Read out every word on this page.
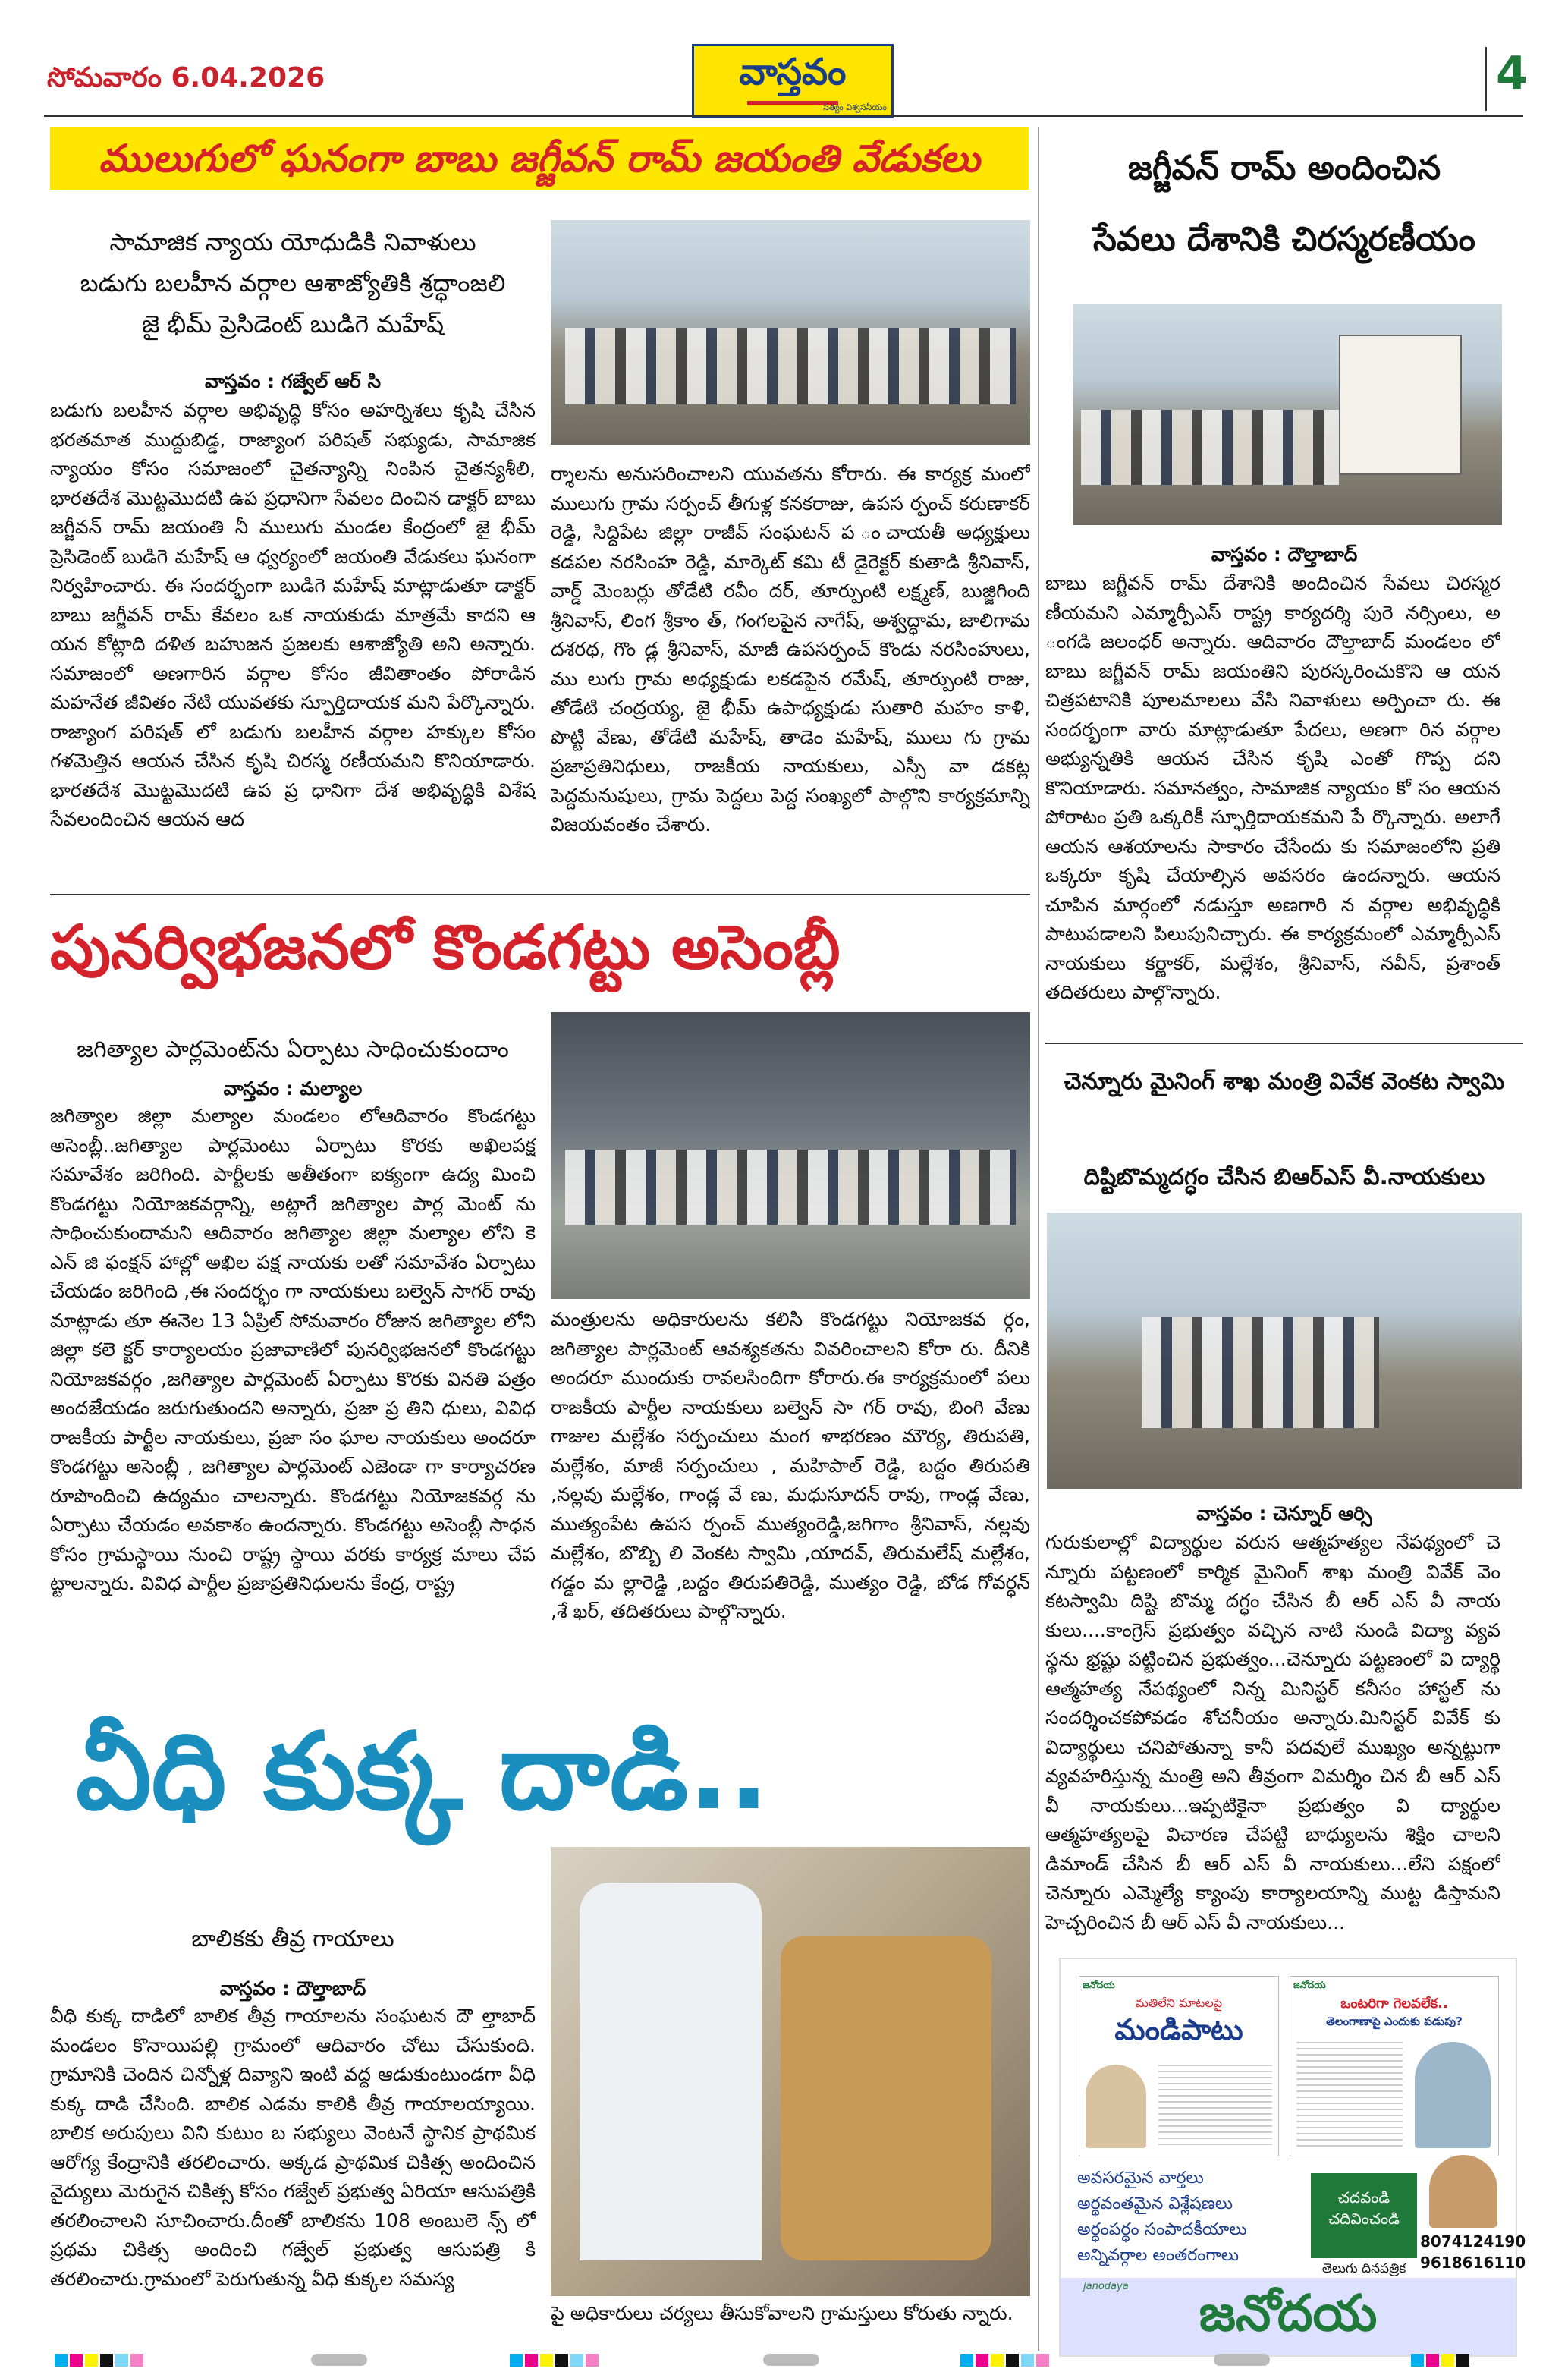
సోమవారం 6.04.2026	వాస్తవం
సత్యం విశ్వసనీయం
4
ములుగులో ఘనంగా బాబు జగ్జీవన్ రామ్ జయంతి వేడుకలు
సామాజిక న్యాయ యోధుడికి నివాళులు
బడుగు బలహీన వర్గాల ఆశాజ్యోతికి శ్రద్ధాంజలి
జై భీమ్ ప్రెసిడెంట్ బుడిగె మహేష్
వాస్తవం : గజ్వేల్ ఆర్ సి

బడుగు బలహీన వర్గాల అభివృద్ధి కోసం అహర్నిశలు కృషి చేసిన భరతమాత ముద్దుబిడ్డ, రాజ్యాంగ పరిషత్ సభ్యుడు, సామాజిక న్యాయం కోసం సమాజంలో చైతన్యాన్ని నింపిన చైతన్యశీలి, భారతదేశ మొట్టమొదటి ఉప ప్రధానిగా సేవలం దించిన డాక్టర్ బాబు జగ్జీవన్ రామ్ జయంతి నీ ములుగు మండల కేంద్రంలో జై భీమ్ ప్రెసిడెంట్ బుడిగె మహేష్ ఆ ధ్వర్యంలో జయంతి వేడుకలు ఘనంగా నిర్వహించారు. ఈ సందర్భంగా బుడిగె మహేష్ మాట్లాడుతూ డాక్టర్ బాబు జగ్జీవన్ రామ్ కేవలం ఒక నాయకుడు మాత్రమే కాదని ఆ యన కోట్లాది దళిత బహుజన ప్రజలకు ఆశాజ్యోతి అని అన్నారు. సమాజంలో అణగారిన వర్గాల కోసం జీవితాంతం పోరాడిన మహనేత జీవితం నేటి యువతకు స్ఫూర్తిదాయక మని పేర్కొన్నారు. రాజ్యాంగ పరిషత్ లో బడుగు బలహీన వర్గాల హక్కుల కోసం గళమెత్తిన ఆయన చేసిన కృషి చిరస్మ రణీయమని కొనియాడారు. భారతదేశ మొట్టమొదటి ఉప ప్ర ధానిగా దేశ అభివృద్ధికి విశేష సేవలందించిన ఆయన ఆద

ర్శాలను అనుసరించాలని యువతను కోరారు. ఈ కార్యక్ర మంలో ములుగు గ్రామ సర్పంచ్ తీగుళ్ల కనకరాజు, ఉపస ర్పంచ్ కరుణాకర్ రెడ్డి, సిద్దిపేట జిల్లా రాజీవ్ సంఘటన్ ప ంచాయతీ అధ్యక్షులు కడపల నరసింహ రెడ్డి, మార్కెట్ కమి టీ డైరెక్టర్ కుతాడి శ్రీనివాస్, వార్డ్ మెంబర్లు తోడేటి రవీం దర్, తూర్పుంటి లక్ష్మణ్, బుజ్జిగింది శ్రీనివాస్, లింగ శ్రీకాం త్, గంగలపైన నాగేష్, అశ్వద్ధామ, జాలిగామ దశరథ, గొం డ్ల శ్రీనివాస్, మాజీ ఉపసర్పంచ్ కొండు నరసింహులు, ము లుగు గ్రామ అధ్యక్షుడు లకడపైన రమేష్, తూర్పుంటి రాజు, తోడేటి చంద్రయ్య, జై భీమ్ ఉపాధ్యక్షుడు సుతారి మహం కాళి, పొట్టి వేణు, తోడేటి మహేష్, తాడెం మహేష్, ములు గు గ్రామ ప్రజాప్రతినిధులు, రాజకీయ నాయకులు, ఎస్సీ వా డకట్ల పెద్దమనుషులు, గ్రామ పెద్దలు పెద్ద సంఖ్యలో పాల్గొని కార్యక్రమాన్ని విజయవంతం చేశారు.

జగ్జీవన్ రామ్ అందించిన
సేవలు దేశానికి చిరస్మరణీయం
వాస్తవం : దౌల్తాబాద్

బాబు జగ్జీవన్ రామ్ దేశానికి అందించిన సేవలు చిరస్మర ణీయమని ఎమ్మార్పీఎస్ రాష్ట్ర కార్యదర్శి పురె నర్సింలు, అ ంగడి జలంధర్ అన్నారు. ఆదివారం దౌల్తాబాద్ మండలం లో బాబు జగ్జీవన్ రామ్ జయంతిని పురస్కరించుకొని ఆ యన చిత్రపటానికి పూలమాలలు వేసి నివాళులు అర్పించా రు. ఈ సందర్భంగా వారు మాట్లాడుతూ పేదలు, అణగా రిన వర్గాల అభ్యున్నతికి ఆయన చేసిన కృషి ఎంతో గొప్ప దని కొనియాడారు. సమానత్వం, సామాజిక న్యాయం కో సం ఆయన పోరాటం ప్రతి ఒక్కరికీ స్ఫూర్తిదాయకమని పే ర్కొన్నారు. అలాగే ఆయన ఆశయాలను సాకారం చేసేందు కు సమాజంలోని ప్రతి ఒక్కరూ కృషి చేయాల్సిన అవసరం ఉందన్నారు. ఆయన చూపిన మార్గంలో నడుస్తూ అణగారి న వర్గాల అభివృద్ధికి పాటుపడాలని పిలుపునిచ్చారు. ఈ కార్యక్రమంలో ఎమ్మార్పీఎస్ నాయకులు కర్ణాకర్, మల్లేశం, శ్రీనివాస్, నవీన్, ప్రశాంత్ తదితరులు పాల్గొన్నారు.

చెన్నూరు మైనింగ్ శాఖ మంత్రి వివేక వెంకట స్వామి
దిష్టిబొమ్మదగ్ధం చేసిన బిఆర్ఎస్ వీ.నాయకులు
వాస్తవం : చెన్నూర్ ఆర్సి

గురుకులాల్లో విద్యార్థుల వరుస ఆత్మహత్యల నేపథ్యంలో చె న్నూరు పట్టణంలో కార్మిక మైనింగ్ శాఖ మంత్రి వివేక్ వెం కటస్వామి దిష్టి బొమ్మ దగ్ధం చేసిన బీ ఆర్ ఎస్ వీ నాయ కులు....కాంగ్రెస్ ప్రభుత్వం వచ్చిన నాటి నుండి విద్యా వ్యవ స్థను భ్రష్టు పట్టించిన ప్రభుత్వం...చెన్నూరు పట్టణంలో వి ద్యార్థి ఆత్మహత్య నేపథ్యంలో నిన్న మినిస్టర్ కనీసం హాస్టల్ ను సందర్శించకపోవడం శోచనీయం అన్నారు.మినిస్టర్ వివేక్ కు విద్యార్థులు చనిపోతున్నా కానీ పదవులే ముఖ్యం అన్నట్టుగా వ్యవహరిస్తున్న మంత్రి అని తీవ్రంగా విమర్శిం చిన బీ ఆర్ ఎస్ వీ నాయకులు...ఇప్పటికైనా ప్రభుత్వం వి ద్యార్థుల ఆత్మహత్యలపై విచారణ చేపట్టి బాధ్యులను శిక్షిం చాలని డిమాండ్ చేసిన బీ ఆర్ ఎస్ వీ నాయకులు...లేని పక్షంలో చెన్నూరు ఎమ్మెల్యే క్యాంపు కార్యాలయాన్ని ముట్ట డిస్తామని హెచ్చరించిన బీ ఆర్ ఎస్ వీ నాయకులు...

పునర్విభజనలో కొండగట్టు అసెంబ్లీ
జగిత్యాల పార్లమెంట్‌ను ఏర్పాటు సాధించుకుందాం
వాస్తవం : మల్యాల

జగిత్యాల జిల్లా మల్యాల మండలం లోఆదివారం కొండగట్టు అసెంబ్లీ..జగిత్యాల పార్లమెంటు ఏర్పాటు కొరకు అఖిలపక్ష సమావేశం జరిగింది. పార్టీలకు అతీతంగా ఐక్యంగా ఉద్య మించి కొండగట్టు నియోజకవర్గాన్ని, అట్లాగే జగిత్యాల పార్ల మెంట్ ను సాధించుకుందామని ఆదివారం జగిత్యాల జిల్లా మల్యాల లోని కె ఎన్ జి ఫంక్షన్ హాల్లో అఖిల పక్ష నాయకు లతో సమావేశం ఏర్పాటు చేయడం జరిగింది ,ఈ సందర్భం గా నాయకులు బల్వెన్ సాగర్ రావు మాట్లాడు తూ ఈనెల 13 ఏప్రిల్ సోమవారం రోజున జగిత్యాల లోని జిల్లా కలె క్టర్ కార్యాలయం ప్రజావాణిలో పునర్విభజనలో కొండగట్టు నియోజకవర్గం ,జగిత్యాల పార్లమెంట్ ఏర్పాటు కొరకు వినతి పత్రం అందజేయడం జరుగుతుందని అన్నారు, ప్రజా ప్ర తిని ధులు, వివిధ రాజకీయ పార్టీల నాయకులు, ప్రజా సం ఘాల నాయకులు అందరూ కొండగట్టు అసెంబ్లీ , జగిత్యాల పార్లమెంట్ ఎజెండా గా కార్యాచరణ రూపొందించి ఉద్యమం చాలన్నారు. కొండగట్టు నియోజకవర్గ ను ఏర్పాటు చేయడం అవకాశం ఉందన్నారు. కొండగట్టు అసెంబ్లీ సాధన కోసం గ్రామస్థాయి నుంచి రాష్ట్ర స్థాయి వరకు కార్యక్ర మాలు చేప ట్టాలన్నారు. వివిధ పార్టీల ప్రజాప్రతినిధులను కేంద్ర, రాష్ట్ర

మంత్రులను అధికారులను కలిసి కొండగట్టు నియోజకవ ర్గం, జగిత్యాల పార్లమెంట్ ఆవశ్యకతను వివరించాలని కోరా రు. దీనికి అందరూ ముందుకు రావలసిందిగా కోరారు.ఈ కార్యక్రమంలో పలు రాజకీయ పార్టీల నాయకులు బల్వెన్ సా గర్ రావు, బింగి వేణు గాజుల మల్లేశం సర్పంచులు మంగ ళాభరణం మౌర్య, తిరుపతి, మల్లేశం, మాజీ సర్పంచులు , మహిపాల్ రెడ్డి, బద్దం తిరుపతి ,నల్లవు మల్లేశం, గాండ్ల వే ణు, మధుసూదన్ రావు, గాండ్ల వేణు, ముత్యంపేట ఉపస ర్పంచ్ ముత్యంరెడ్డి,జగిగాం శ్రీనివాస్, నల్లవు మల్లేశం, బొబ్బి లి వెంకట స్వామి ,యాదవ్, తిరుమలేష్ మల్లేశం, గడ్డం మ ల్లారెడ్డి ,బద్దం తిరుపతిరెడ్డి, ముత్యం రెడ్డి, బోడ గోవర్ధన్ ,శే ఖర్, తదితరులు పాల్గొన్నారు.

వీధి కుక్క దాడి..
బాలికకు తీవ్ర గాయాలు
వాస్తవం : దౌల్తాబాద్

వీధి కుక్క దాడిలో బాలిక తీవ్ర గాయాలను సంఘటన దౌ ల్తాబాద్ మండలం కొనాయిపల్లి గ్రామంలో ఆదివారం చోటు చేసుకుంది. గ్రామానికి చెందిన చిన్నోళ్ల దివ్యాని ఇంటి వద్ద ఆడుకుంటుండగా వీధి కుక్క దాడి చేసింది. బాలిక ఎడమ కాలికి తీవ్ర గాయాలయ్యాయి. బాలిక అరుపులు విని కుటుం బ సభ్యులు వెంటనే స్థానిక ప్రాథమిక ఆరోగ్య కేంద్రానికి తరలించారు. అక్కడ ప్రాథమిక చికిత్స అందించిన వైద్యులు మెరుగైన చికిత్స కోసం గజ్వేల్ ప్రభుత్వ ఏరియా ఆసుపత్రికి తరలించాలని సూచించారు.దీంతో బాలికను 108 అంబులె న్స్ లో ప్రథమ చికిత్స అందించి గజ్వేల్ ప్రభుత్వ ఆసుపత్రి కి తరలించారు.గ్రామంలో పెరుగుతున్న వీధి కుక్కల సమస్య

పై అధికారులు చర్యలు తీసుకోవాలని గ్రామస్తులు కోరుతు న్నారు.

జనోదయ
మతిలేని మాటలపై
మండిపాటు
జనోదయ
ఒంటరిగా గెలవలేక..
తెలంగాణాపై ఎందుకు పడుపు?
అవసరమైన వార్తలు
అర్థవంతమైన విశ్లేషణలు
అర్థంపర్థం సంపాదకీయాలు
అన్నివర్గాల అంతరంగాలు
చదవండి
చదివించండి
8074124190
9618616110
తెలుగు దినపత్రిక
janodaya	జనోదయ
